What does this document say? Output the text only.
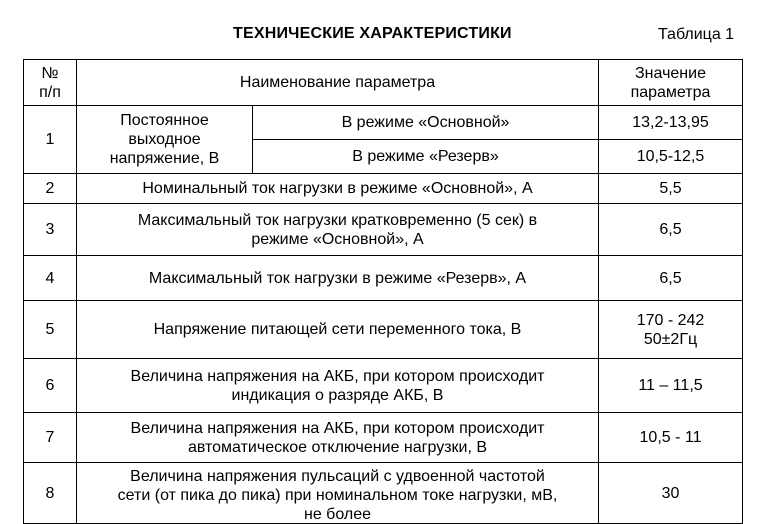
ТЕХНИЧЕСКИЕ ХАРАКТЕРИСТИКИ	Таблица 1
№
п/п	Наименование параметра		Значение
параметра
1	Постоянное
выходное
напряжение, В	В режиме «Основной»	13,2-13,95
		В режиме «Резерв»	10,5-12,5
2	Номинальный ток нагрузки в режиме «Основной», А		5,5
3	Максимальный ток нагрузки кратковременно (5 сек) в
режиме «Основной», А		6,5
4	Максимальный ток нагрузки в режиме «Резерв», А		6,5
5	Напряжение питающей сети переменного тока, В		170 - 242
50±2Гц
6	Величина напряжения на АКБ, при котором происходит
индикация о разряде АКБ, В		11 – 11,5
7	Величина напряжения на АКБ, при котором происходит
автоматическое отключение нагрузки, В		10,5 - 11
8	Величина напряжения пульсаций с удвоенной частотой
сети (от пика до пика) при номинальном токе нагрузки, мВ,
не более		30
